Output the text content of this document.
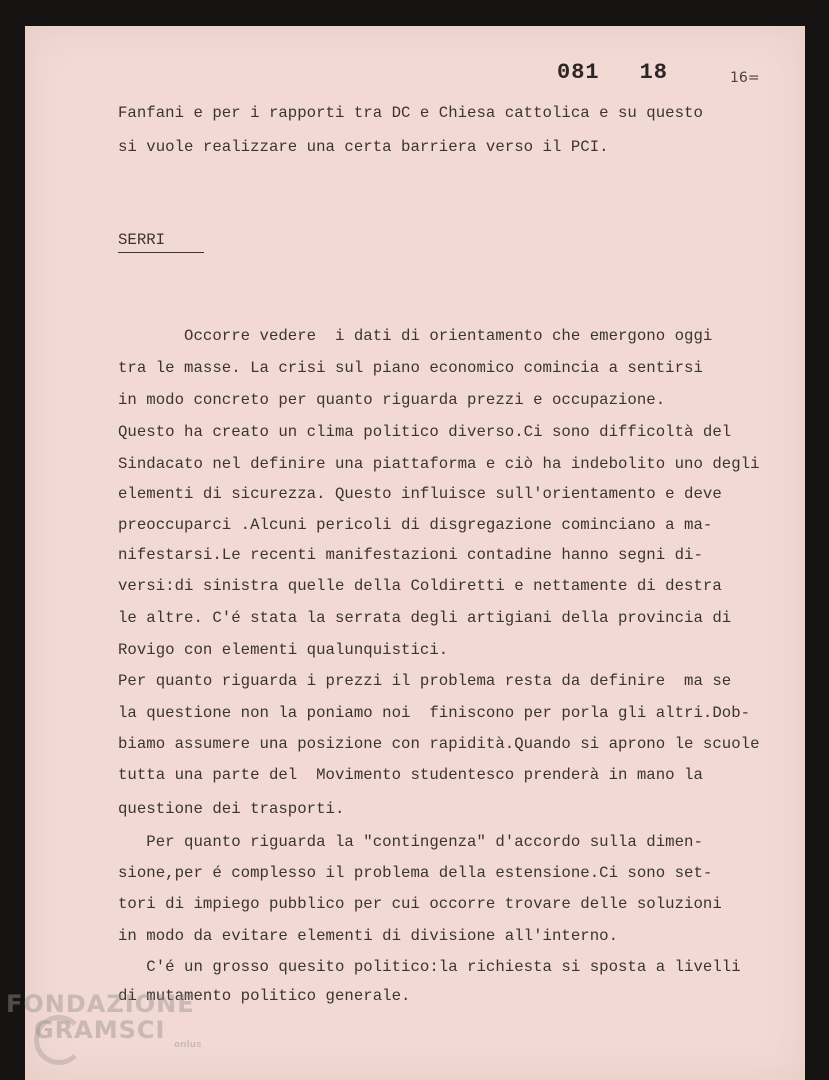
081 18	16=
Fanfani e per i rapporti tra DC e Chiesa cattolica e su questo
si vuole realizzare una certa barriera verso il PCI.
SERRI
Occorre vedere  i dati di orientamento che emergono oggi
tra le masse. La crisi sul piano economico comincia a sentirsi
in modo concreto per quanto riguarda prezzi e occupazione.
Questo ha creato un clima politico diverso.Ci sono difficoltà del
Sindacato nel definire una piattaforma e ciò ha indebolito uno degli
elementi di sicurezza. Questo influisce sull'orientamento e deve
preoccuparci .Alcuni pericoli di disgregazione cominciano a ma-
nifestarsi.Le recenti manifestazioni contadine hanno segni di-
versi:di sinistra quelle della Coldiretti e nettamente di destra
le altre. C'é stata la serrata degli artigiani della provincia di
Rovigo con elementi qualunquistici.
Per quanto riguarda i prezzi il problema resta da definire  ma se
la questione non la poniamo noi  finiscono per porla gli altri.Dob-
biamo assumere una posizione con rapidità.Quando si aprono le scuole
tutta una parte del  Movimento studentesco prenderà in mano la
questione dei trasporti.
Per quanto riguarda la "contingenza" d'accordo sulla dimen-
sione,per é complesso il problema della estensione.Ci sono set-
tori di impiego pubblico per cui occorre trovare delle soluzioni
in modo da evitare elementi di divisione all'interno.
C'é un grosso quesito politico:la richiesta si sposta a livelli
di mutamento politico generale.
FONDAZIONE
GRAMSCI
onlus
